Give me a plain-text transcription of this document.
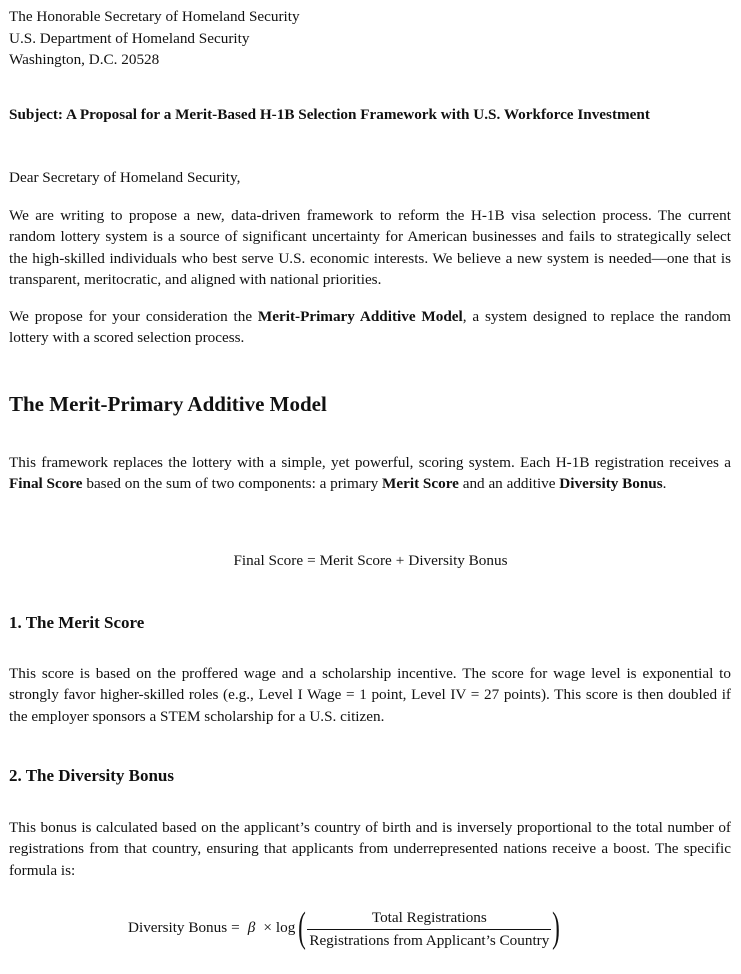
The Honorable Secretary of Homeland Security
U.S. Department of Homeland Security
Washington, D.C. 20528
Subject: A Proposal for a Merit-Based H-1B Selection Framework with U.S. Workforce Investment
Dear Secretary of Homeland Security,
We are writing to propose a new, data-driven framework to reform the H-1B visa selection process. The current random lottery system is a source of significant uncertainty for American businesses and fails to strategically select the high-skilled individuals who best serve U.S. economic interests. We believe a new system is needed—one that is transparent, meritocratic, and aligned with national priorities.
We propose for your consideration the Merit-Primary Additive Model, a system designed to replace the random lottery with a scored selection process.
The Merit-Primary Additive Model
This framework replaces the lottery with a simple, yet powerful, scoring system. Each H-1B registration receives a Final Score based on the sum of two components: a primary Merit Score and an additive Diversity Bonus.
Final Score = Merit Score + Diversity Bonus
1. The Merit Score
This score is based on the proffered wage and a scholarship incentive. The score for wage level is exponential to strongly favor higher-skilled roles (e.g., Level I Wage = 1 point, Level IV = 27 points). This score is then doubled if the employer sponsors a STEM scholarship for a U.S. citizen.
2. The Diversity Bonus
This bonus is calculated based on the applicant’s country of birth and is inversely proportional to the total number of registrations from that country, ensuring that applicants from underrepresented nations receive a boost. The specific formula is:
Diversity Bonus = β × log ( $\frac{\text{Total Registrations}}{\text{Registrations from Applicant’s Country}}$ )
